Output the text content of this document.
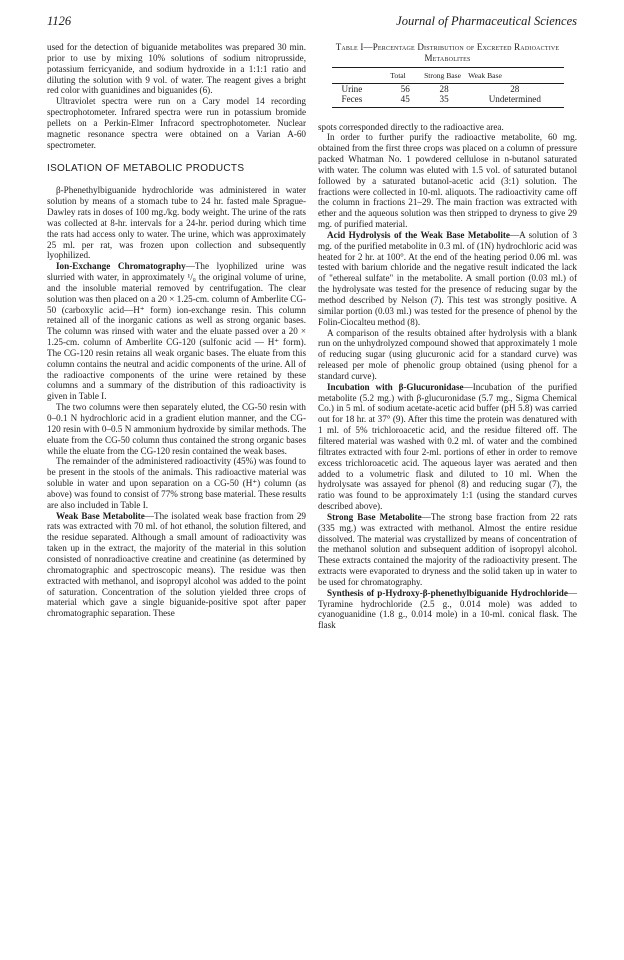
1126	Journal of Pharmaceutical Sciences

used for the detection of biguanide metabolites was prepared 30 min. prior to use by mixing 10% solutions of sodium nitroprusside, potassium ferricyanide, and sodium hydroxide in a 1:1:1 ratio and diluting the solution with 9 vol. of water. The reagent gives a bright red color with guanidines and biguanides (6).

Ultraviolet spectra were run on a Cary model 14 recording spectrophotometer. Infrared spectra were run in potassium bromide pellets on a Perkin-Elmer Infracord spectrophotometer. Nuclear magnetic resonance spectra were obtained on a Varian A-60 spectrometer.

ISOLATION OF METABOLIC PRODUCTS

β-Phenethylbiguanide hydrochloride was administered in water solution by means of a stomach tube to 24 hr. fasted male Sprague-Dawley rats in doses of 100 mg./kg. body weight. The urine of the rats was collected at 8-hr. intervals for a 24-hr. period during which time the rats had access only to water. The urine, which was approximately 25 ml. per rat, was frozen upon collection and subsequently lyophilized.

Ion-Exchange Chromatography—The lyophilized urine was slurried with water, in approximately ¹/₈ the original volume of urine, and the insoluble material removed by centrifugation. The clear solution was then placed on a 20 × 1.25-cm. column of Amberlite CG-50 (carboxylic acid—H⁺ form) ion-exchange resin. This column retained all of the inorganic cations as well as strong organic bases. The column was rinsed with water and the eluate passed over a 20 × 1.25-cm. column of Amberlite CG-120 (sulfonic acid — H⁺ form). The CG-120 resin retains all weak organic bases. The eluate from this column contains the neutral and acidic components of the urine. All of the radioactive components of the urine were retained by these columns and a summary of the distribution of this radioactivity is given in Table I.

The two columns were then separately eluted, the CG-50 resin with 0–0.1 N hydrochloric acid in a gradient elution manner, and the CG-120 resin with 0–0.5 N ammonium hydroxide by similar methods. The eluate from the CG-50 column thus contained the strong organic bases while the eluate from the CG-120 resin contained the weak bases.

The remainder of the administered radioactivity (45%) was found to be present in the stools of the animals. This radioactive material was soluble in water and upon separation on a CG-50 (H⁺) column (as above) was found to consist of 77% strong base material. These results are also included in Table I.

Weak Base Metabolite—The isolated weak base fraction from 29 rats was extracted with 70 ml. of hot ethanol, the solution filtered, and the residue separated. Although a small amount of radioactivity was taken up in the extract, the majority of the material in this solution consisted of nonradioactive creatine and creatinine (as determined by chromatographic and spectroscopic means). The residue was then extracted with methanol, and isopropyl alcohol was added to the point of saturation. Concentration of the solution yielded three crops of material which gave a single biguanide-positive spot after paper chromatographic separation. These

Table I—Percentage Distribution of Excreted Radioactive Metabolites

	Total	Strong Base	Weak Base
Urine	56	28	28
Feces	45	35	Undetermined

spots corresponded directly to the radioactive area.

In order to further purify the radioactive metabolite, 60 mg. obtained from the first three crops was placed on a column of pressure packed Whatman No. 1 powdered cellulose in n-butanol saturated with water. The column was eluted with 1.5 vol. of saturated butanol followed by a saturated butanol-acetic acid (3:1) solution. The fractions were collected in 10-ml. aliquots. The radioactivity came off the column in fractions 21–29. The main fraction was extracted with ether and the aqueous solution was then stripped to dryness to give 29 mg. of purified material.

Acid Hydrolysis of the Weak Base Metabolite—A solution of 3 mg. of the purified metabolite in 0.3 ml. of (1N) hydrochloric acid was heated for 2 hr. at 100°. At the end of the heating period 0.06 ml. was tested with barium chloride and the negative result indicated the lack of "ethereal sulfate" in the metabolite. A small portion (0.03 ml.) of the hydrolysate was tested for the presence of reducing sugar by the method described by Nelson (7). This test was strongly positive. A similar portion (0.03 ml.) was tested for the presence of phenol by the Folin-Ciocalteu method (8).

A comparison of the results obtained after hydrolysis with a blank run on the unhydrolyzed compound showed that approximately 1 mole of reducing sugar (using glucuronic acid for a standard curve) was released per mole of phenolic group obtained (using phenol for a standard curve).

Incubation with β-Glucuronidase—Incubation of the purified metabolite (5.2 mg.) with β-glucuronidase (5.7 mg., Sigma Chemical Co.) in 5 ml. of sodium acetate-acetic acid buffer (pH 5.8) was carried out for 18 hr. at 37° (9). After this time the protein was denatured with 1 ml. of 5% trichloroacetic acid, and the residue filtered off. The filtered material was washed with 0.2 ml. of water and the combined filtrates extracted with four 2-ml. portions of ether in order to remove excess trichloroacetic acid. The aqueous layer was aerated and then added to a volumetric flask and diluted to 10 ml. When the hydrolysate was assayed for phenol (8) and reducing sugar (7), the ratio was found to be approximately 1:1 (using the standard curves described above).

Strong Base Metabolite—The strong base fraction from 22 rats (335 mg.) was extracted with methanol. Almost the entire residue dissolved. The material was crystallized by means of concentration of the methanol solution and subsequent addition of isopropyl alcohol. These extracts contained the majority of the radioactivity present. The extracts were evaporated to dryness and the solid taken up in water to be used for chromatography.

Synthesis of p-Hydroxy-β-phenethylbiguanide Hydrochloride—Tyramine hydrochloride (2.5 g., 0.014 mole) was added to cyanoguanidine (1.8 g., 0.014 mole) in a 10-ml. conical flask. The flask
